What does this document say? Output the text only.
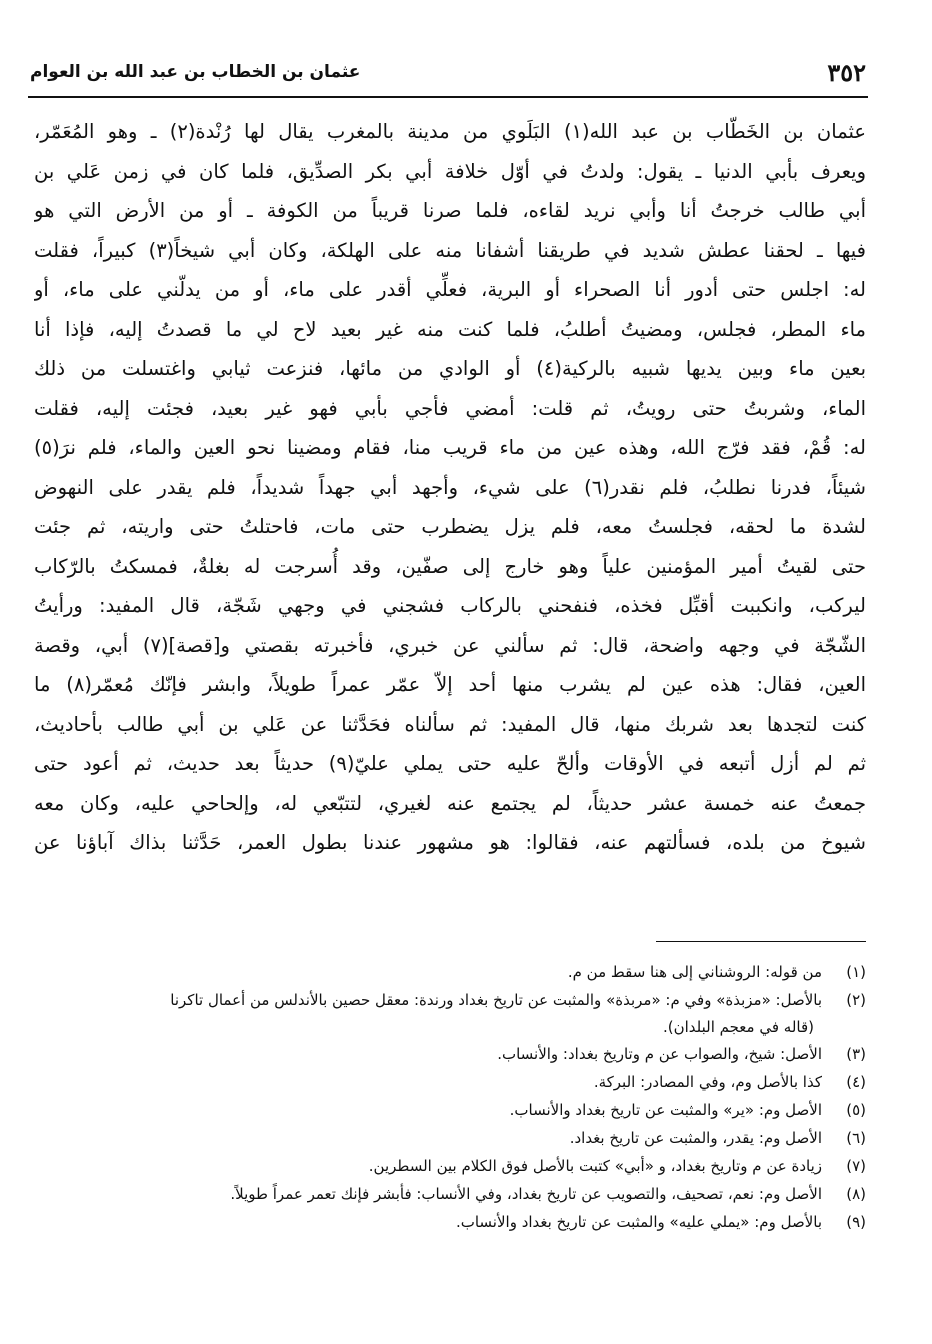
٣٥٢
عثمان بن الخطاب بن عبد الله بن العوام
عثمان بن الخَطّاب بن عبد الله(١) البَلَوي من مدينة بالمغرب يقال لها رُنْدة(٢) ـ وهو المُعَمّر،
ويعرف بأبي الدنيا ـ يقول: ولدتُ في أوّل خلافة أبي بكر الصدِّيق، فلما كان في زمن عَلي بن
أبي طالب خرجتُ أنا وأبي نريد لقاءه، فلما صرنا قريباً من الكوفة ـ أو من الأرض التي هو
فيها ـ لحقنا عطش شديد في طريقنا أشفانا منه على الهلكة، وكان أبي شيخاً(٣) كبيراً، فقلت
له: اجلس حتى أدور أنا الصحراء أو البرية، فعلِّي أقدر على ماء، أو من يدلّني على ماء، أو
ماء المطر، فجلس، ومضيتُ أطلبُ، فلما كنت منه غير بعيد لاح لي ما قصدتُ إليه، فإذا أنا
بعين ماء وبين يديها شبيه بالركية(٤) أو الوادي من مائها، فنزعت ثيابي واغتسلت من ذلك
الماء، وشربتُ حتى رويتُ، ثم قلت: أمضي فأجي بأبي فهو غير بعيد، فجئت إليه، فقلت
له: قُمْ، فقد فرّج الله، وهذه عين من ماء قريب منا، فقام ومضينا نحو العين والماء، فلم نرَ(٥)
شيئاً، فدرنا نطلبُ، فلم نقدر(٦) على شيء، وأجهد أبي جهداً شديداً، فلم يقدر على النهوض
لشدة ما لحقه، فجلستُ معه، فلم يزل يضطرب حتى مات، فاحتلتُ حتى واريته، ثم جئت
حتى لقيتُ أمير المؤمنين علياً وهو خارج إلى صفّين، وقد أُسرجت له بغلةٌ، فمسكتُ بالرّكاب
ليركب، وانكببت أقبِّل فخذه، فنفحني بالركاب فشجني في وجهي شَجّة، قال المفيد: ورأيتُ
الشّجّة في وجهه واضحة، قال: ثم سألني عن خبري، فأخبرته بقصتي و[قصة](٧) أبي، وقصة
العين، فقال: هذه عين لم يشرب منها أحد إلاّ عمّر عمراً طويلاً، وابشر فإنّك مُعمّر(٨) ما
كنت لتجدها بعد شربك منها، قال المفيد: ثم سألناه فحَدَّثنا عن عَلي بن أبي طالب بأحاديث،
ثم لم أزل أتبعه في الأوقات وألحّ عليه حتى يملي عليّ(٩) حديثاً بعد حديث، ثم أعود حتى
جمعتُ عنه خمسة عشر حديثاً، لم يجتمع عنه لغيري، لتتبّعي له، وإلحاحي عليه، وكان معه
شيوخ من بلده، فسألتهم عنه، فقالوا: هو مشهور عندنا بطول العمر، حَدَّثنا بذاك آباؤنا عن
(١)
من قوله: الروشناني إلى هنا سقط من م.
(٢)
بالأصل: «مزبذة» وفي م: «مربذة» والمثبت عن تاريخ بغداد ورندة: معقل حصين بالأندلس من أعمال تاكرنا
(قاله في معجم البلدان).
(٣)
الأصل: شيخ، والصواب عن م وتاريخ بغداد: والأنساب.
(٤)
كذا بالأصل وم، وفي المصادر: البركة.
(٥)
الأصل وم: «ير» والمثبت عن تاريخ بغداد والأنساب.
(٦)
الأصل وم: يقدر، والمثبت عن تاريخ بغداد.
(٧)
زيادة عن م وتاريخ بغداد، و «أبي» كتبت بالأصل فوق الكلام بين السطرين.
(٨)
الأصل وم: نعم، تصحيف، والتصويب عن تاريخ بغداد، وفي الأنساب: فأبشر فإنك تعمر عمراً طويلاً.
(٩)
بالأصل وم: «يملي عليه» والمثبت عن تاريخ بغداد والأنساب.
